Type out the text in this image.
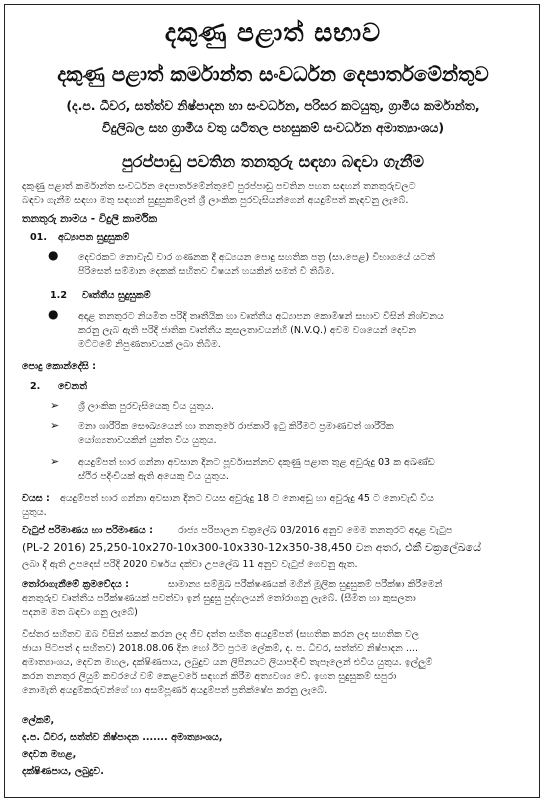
දකුණු පළාත් සභාව
දකුණු පළාත් කර්මාන්ත සංවර්ධන දෙපාර්තමේන්තුව
(ද.ප. ධීවර, සත්ත්ව නිෂ්පාදන හා සංවර්ධන, පරිසර කටයුතු, ග්‍රාමීය කර්මාන්ත,
විදුලිබල සහ ග්‍රාමීය වතු යටිතල පහසුකම් සංවර්ධන අමාත්‍යාංශය)
පුරප්පාඩු පවතින තනතුරු සඳහා බඳවා ගැනීම
දකුණු පළාත් කර්මාන්ත සංවර්ධන දෙපාර්තමේන්තුවේ පුරප්පාඩු පවතින පහත සඳහන් තනතුරුවලට
බඳවා ගැනීම සඳහා මතු සඳහන් සුදුසුකම්ලත් ශ්‍රී ලාංකික පුරවැසියන්ගෙන් අයදුම්පත් කැඳවනු ලැබේ.
තනතුරු නාමය - විදුලි කාර්මික
01. අධ්‍යාපන සුදුසුකම්
● දෙවරකට නොවැඩි වාර ගණනක දී අධ්‍යයන පොදු සහතික පත්‍ර (සා.පෙළ) විභාගයේ යටත්
පිරිසෙත් සම්මාන දෙකක් සහිතව විෂයන් හයකින් සමත් වී තිබීම.
1.2 වෘත්තීය සුදුසුකම්
● අදාළ තනතුරට නියමිත පරිදි තෘතීයික හා වෘත්තීය අධ්‍යාපන කොමිෂන් සභාව විසින් නිශ්චනය
කරනු ලැබ ඇති පරිදි ජාතික වෘත්තීය කුසලතාවයන්හි (N.V.Q.) අවම වශයෙන් දෙවන
මට්ටමේ නිපුණතාවයක් ලබා තිබීම.
පොදු කොන්දේසි :
2. වෙනත්
➢ ශ්‍රී ලාංකික පුරවැසියෙකු විය යුතුය.
➢ මනා ශාරීරික සෞඛ්‍යයෙන් හා තනතුරේ රාජකාරි ඉටු කිරීමට ප්‍රමාණවත් ශාරීරික
යෝග්‍යතාවයකින් යුක්ත විය යුතුය.
➢ අයදුම්පත් භාර ගන්නා අවසාන දිනට පූර්වාසන්නව දකුණු පළාත තුළ අවුරුදු 03 ක අඛණ්ඩ
ස්ථිර පදිංචියක් ඇති අයෙකු විය යුතුය.
වයස : අයදුම්පත් භාර ගන්නා අවසාන දිනට වයස අවුරුදු 18 ට නොඅඩු හා අවුරුදු 45 ට නොවැඩි විය
යුතුය.
වැටුප් පරිමාණය හා පරිමාණය :	රාජ්‍ය පරිපාලන චක්‍රලේඛ 03/2016 අනුව මෙම තනතුරට අදාළ වැටුප
(PL-2 2016) 25,250-10x270-10x300-10x330-12x350-38,450 වන අතර, එකී චක්‍රලේඛයේ
ලබා දී ඇති උපදෙස් පරිදි 2020 වර්ෂය දක්වා උපලේඛ 11 අනුව වැටුප් ගෙවනු ඇත.
තෝරාගැනීමේ ක්‍රමවේදය :	සාමාන්‍ය සම්මුඛ පරීක්ෂණයක් මගින් මූලික සුදුසුකම් පරීක්ෂා කිරීමෙන්
අනතුරුව වෘත්තීය පරීක්ෂණයක් පවත්වා ඉන් සුදුසු පුද්ගලයන් තෝරාගනු ලැබේ. (සීමිත හා කුසලතා
පදනම මත බඳවා ගනු ලැබේ)
විස්තර සහිතව ඔබ විසින් සකස් කරන ලද ජීව දත්ත සහිත අයදුම්පත් (සහතික කරන ලද සහතික වල
ඡායා පිටපත් ද සහිතව) 2018.08.06 දින හෝ ඊට ප්‍රථම ලේකම්, ද. ප. ධීවර, සත්ත්ව නිෂ්පාදන ....
අමාත්‍යාංශය, දෙවන මහල, දක්ෂිණපාය, ලබුදුව යන ලිපිනයට ලියාපදිංචි තැපෑලෙන් එවිය යුතුය. ඉල්ලුම්
කරන තනතුර ලියුම් කවරයේ වම් කෙළවරේ සඳහන් කිරීම අත්‍යවශ්‍ය වේ. ඉහත සුදුසුකම් සපුරා
නොමැති අයදුම්කරුවන්ගේ හා අසම්පූර්ණ අයදුම්පත් ප්‍රතික්ෂේප කරනු ලැබේ.
ලේකම්,
ද.ප. ධීවර, සත්ත්ව නිෂ්පාදන ....... අමාත්‍යාංශය,
දෙවන මහළ,
දක්ෂිණපාය, ලබුදුව.
